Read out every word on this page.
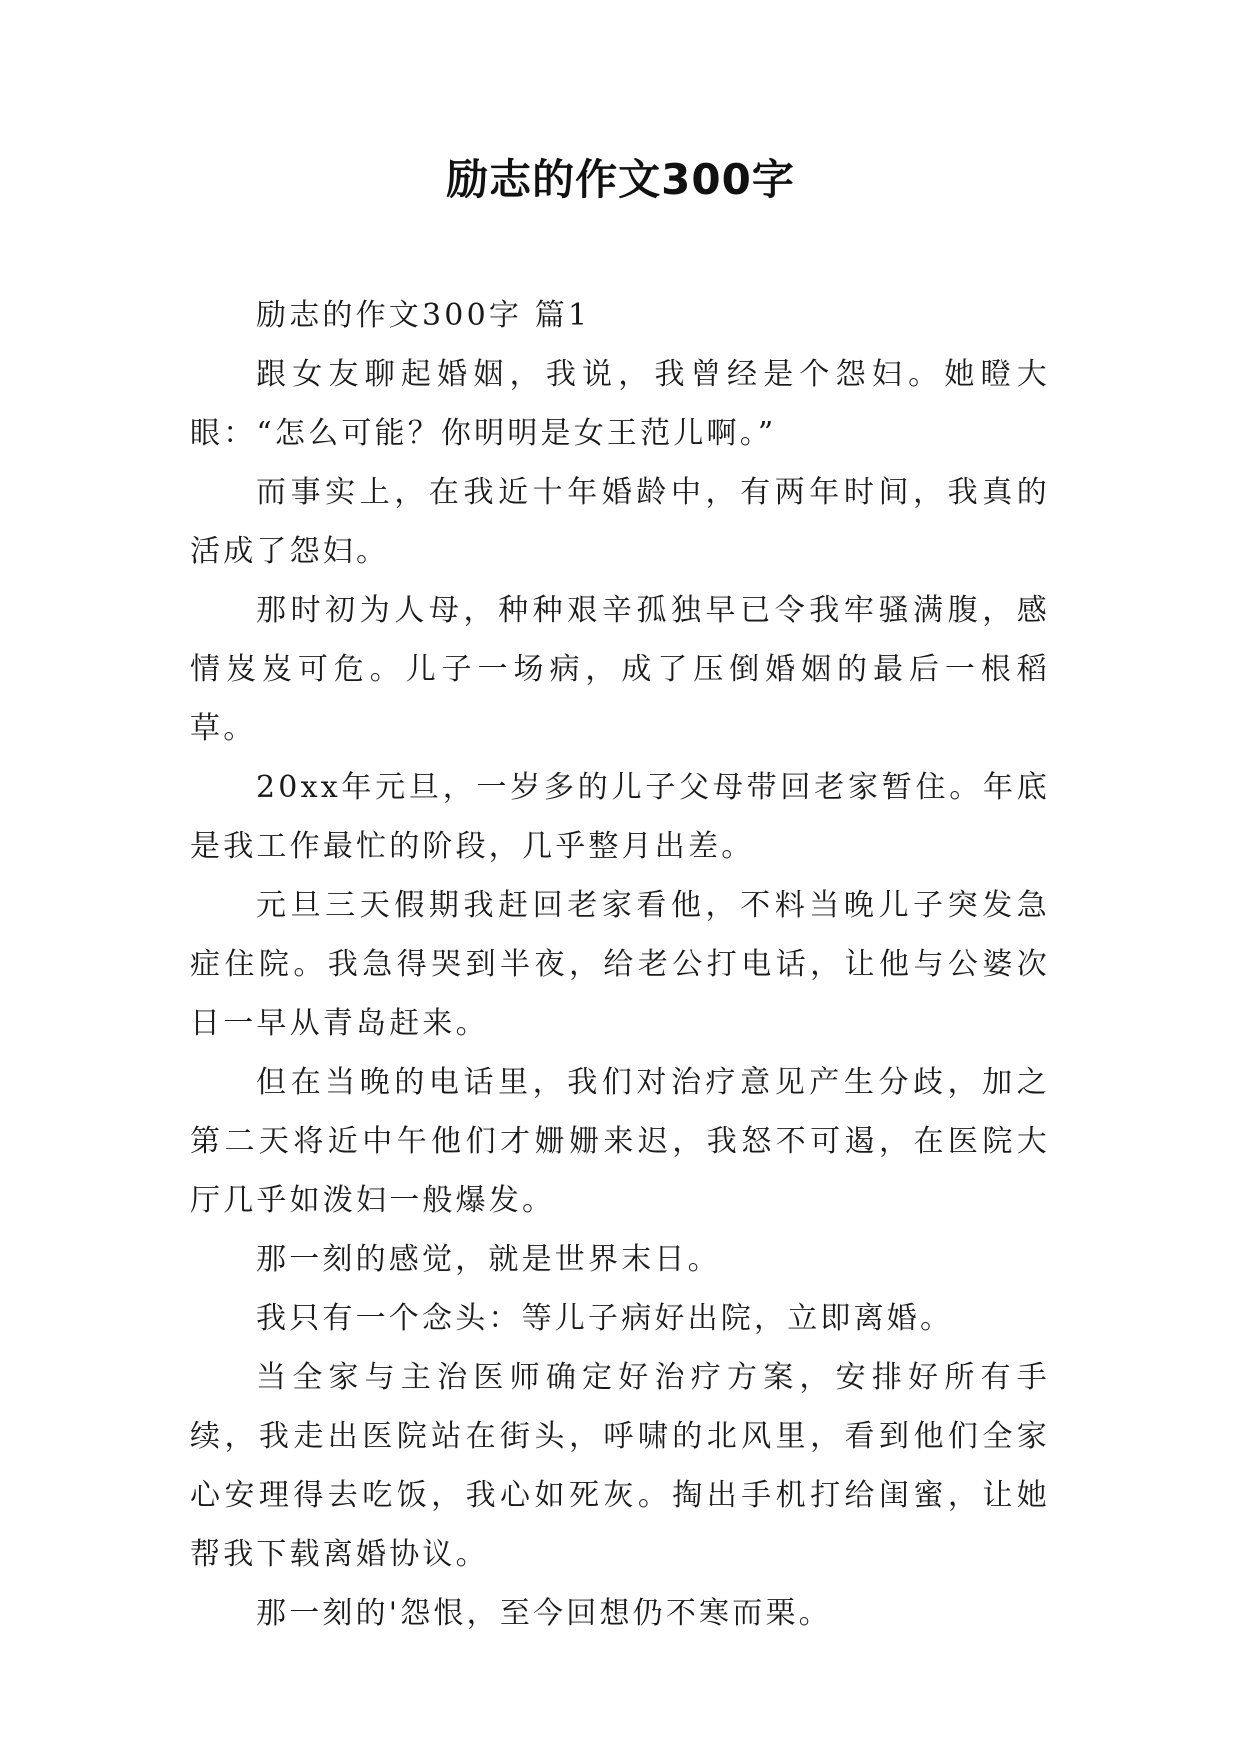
励志的作文300字

励志的作文300字 篇1

跟女友聊起婚姻，我说，我曾经是个怨妇。她瞪大眼：“怎么可能？你明明是女王范儿啊。”

而事实上，在我近十年婚龄中，有两年时间，我真的活成了怨妇。

那时初为人母，种种艰辛孤独早已令我牢骚满腹，感情岌岌可危。儿子一场病，成了压倒婚姻的最后一根稻草。

20xx年元旦，一岁多的儿子父母带回老家暂住。年底是我工作最忙的阶段，几乎整月出差。

元旦三天假期我赶回老家看他，不料当晚儿子突发急症住院。我急得哭到半夜，给老公打电话，让他与公婆次日一早从青岛赶来。

但在当晚的电话里，我们对治疗意见产生分歧，加之第二天将近中午他们才姗姗来迟，我怒不可遏，在医院大厅几乎如泼妇一般爆发。

那一刻的感觉，就是世界末日。

我只有一个念头：等儿子病好出院，立即离婚。

当全家与主治医师确定好治疗方案，安排好所有手续，我走出医院站在街头，呼啸的北风里，看到他们全家心安理得去吃饭，我心如死灰。掏出手机打给闺蜜，让她帮我下载离婚协议。

那一刻的'怨恨，至今回想仍不寒而栗。
